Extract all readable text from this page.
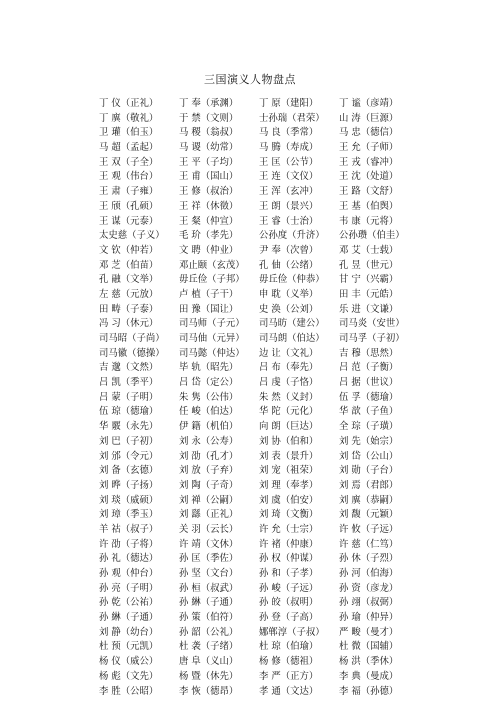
三国演义人物盘点
丁 仪（正礼）	丁 奉（承渊）	丁 原（建阳）	丁 谧（彦靖）
丁 廙（敬礼）	于 禁（文则）	士孙瑞（君荣）	山 涛（巨源）
卫 瓘（伯玉）	马 稷（翁叔）	马 良（季常）	马 忠（德信）
马 超（孟起）	马 谡（幼常）	马 腾（寿成）	王 允（子师）
王 双（子全）	王 平（子均）	王 匡（公节）	王 戎（睿冲）
王 观（伟台）	王 甫（国山）	王 连（文仪）	王 沈（处道）
王 肃（子雍）	王 修（叔治）	王 浑（玄冲）	王 路（文舒）
王 颀（孔硕）	王 祥（休徵）	王 朗（景兴）	王 基（伯舆）
王 谋（元泰）	王 粲（仲宣）	王 睿（士治）	韦 康（元将）
太史慈（子义）	毛 玠（孝先）	公孙度（升济）	公孙瓒（伯圭）
文 钦（仲若）	文 聘（仲业）	尹 奉（次曾）	邓 艾（士载）
邓 芝（伯苗）	邓止颐（玄茂）	孔 伷（公绪）	孔 昱（世元）
孔 融（文举）	毋丘俭（子邦）	毋丘俭（仲恭）	甘 宁（兴霸）
左 慈（元放）	卢 植（子干）	申 耽（义举）	田 丰（元皓）
田 畴（子泰）	田 豫（国让）	史 涣（公刘）	乐 进（文谦）
冯 习（休元）	司马师（子元）	司马昉（建公）	司马炎（安世）
司马昭（子尚）	司马伷（元异）	司马朗（伯达）	司马孚（子初）
司马徽（德操）	司马懿（仲达）	边 让（文礼）	吉 穆（思然）
吉 邈（文然）	毕 轨（昭先）	吕 布（奉先）	吕 范（子衡）
吕 凯（季平）	吕 岱（定公）	吕 虔（子恪）	吕 据（世议）
吕 蒙（子明）	朱 隽（公伟）	朱 然（义封）	伍 孚（德瑜）
伍 琼（德瑜）	任 峻（伯达）	华 陀（元化）	华 歆（子鱼）
华 覈（永先）	伊 籍（机伯）	向 朗（巨达）	全 琮（子璜）
刘 巴（子初）	刘 永（公寿）	刘 协（伯和）	刘 先（始宗）
刘 邠（令元）	刘 劭（孔才）	刘 表（景升）	刘 岱（公山）
刘 备（玄德）	刘 放（子弃）	刘 宠（祖荣）	刘 勋（子台）
刘 晔（子扬）	刘 陶（子奇）	刘 理（奉孝）	刘 焉（君郎）
刘 琰（威硕）	刘 禅（公嗣）	刘 虞（伯安）	刘 廙（恭嗣）
刘 璋（季玉）	刘 繇（正礼）	刘 琦（文衡）	刘 馥（元颖）
羊 祜（叔子）	关 羽（云长）	许 允（士宗）	许 攸（子远）
许 劭（子将）	许 靖（文休）	许 褚（仲康）	许 慈（仁笃）
孙 礼（德达）	孙 匡（季佐）	孙 权（仲谋）	孙 休（子烈）
孙 观（仲台）	孙 坚（文台）	孙 和（子孝）	孙 河（伯海）
孙 亮（子明）	孙 桓（叔武）	孙 峻（子远）	孙 资（彦龙）
孙 乾（公祐）	孙 綝（子通）	孙 皎（叔明）	孙 翊（叔弼）
孙 綝（子通）	孙 策（伯符）	孙 登（子高）	孙 瑜（仲异）
刘 静（幼台）	孙 韶（公礼）	娜郸淳（子叔）	严 畯（曼才）
杜 预（元凯）	杜 袭（子绪）	杜 琼（伯瑜）	杜 微（国辅）
杨 仪（威公）	唐 阜（义山）	杨 修（德祖）	杨 洪（季休）
杨 彪（文先）	杨 暨（休先）	李 严（正方）	李 典（曼成）
李 胜（公昭）	李 恢（德昂）	孝 通（文达）	李 福（孙德）
